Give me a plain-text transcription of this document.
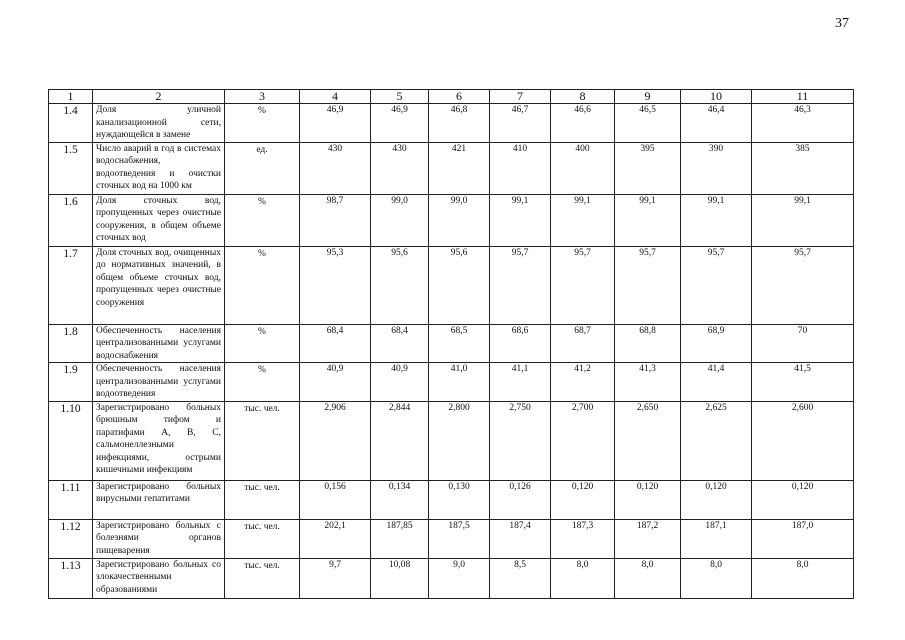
37
1	2	3	4	5	6	7	8	9	10	11
1.4	Доля уличной канализационной сети, нуждающейся в замене	%	46,9	46,9	46,8	46,7	46,6	46,5	46,4	46,3
1.5	Число аварий в год в системах водоснабжения, водоотведения и очистки сточных вод на 1000 км	ед.	430	430	421	410	400	395	390	385
1.6	Доля сточных вод, пропущенных через очистные сооружения, в общем объеме сточных вод	%	98,7	99,0	99,0	99,1	99,1	99,1	99,1	99,1
1.7	Доля сточных вод, очищенных до нормативных значений, в общем объеме сточных вод, пропущенных через очистные сооружения	%	95,3	95,6	95,6	95,7	95,7	95,7	95,7	95,7
1.8	Обеспеченность населения централизованными услугами водоснабжения	%	68,4	68,4	68,5	68,6	68,7	68,8	68,9	70
1.9	Обеспеченность населения централизованными услугами водоотведения	%	40,9	40,9	41,0	41,1	41,2	41,3	41,4	41,5
1.10	Зарегистрировано больных брюшным тифом и паратифами А, В, С, сальмонеллезными инфекциями, острыми кишечными инфекциям	тыс. чел.	2,906	2,844	2,800	2,750	2,700	2,650	2,625	2,600
1.11	Зарегистрировано больных вирусными гепатитами	тыс. чел.	0,156	0,134	0,130	0,126	0,120	0,120	0,120	0,120
1.12	Зарегистрировано больных с болезнями органов пищеварения	тыс. чел.	202,1	187,85	187,5	187,4	187,3	187,2	187,1	187,0
1.13	Зарегистрировано больных со злокачественными образованиями	тыс. чел.	9,7	10,08	9,0	8,5	8,0	8,0	8,0	8,0
